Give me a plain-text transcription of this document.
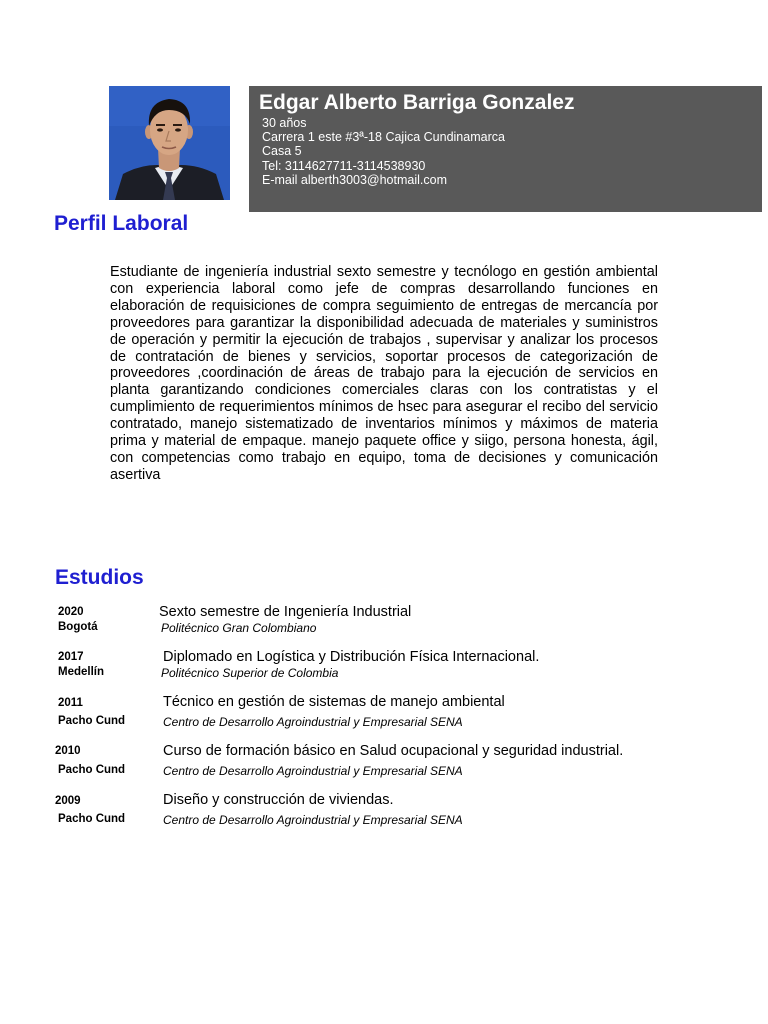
Edgar Alberto Barriga Gonzalez
30 años
Carrera 1 este #3ª-18 Cajica Cundinamarca
Casa 5
Tel: 3114627711-3114538930
E-mail alberth3003@hotmail.com
Perfil Laboral
Estudiante de ingeniería industrial sexto semestre y tecnólogo en gestión ambiental con experiencia laboral como jefe de compras desarrollando funciones en elaboración de requisiciones de compra seguimiento de entregas de mercancía por proveedores para garantizar la disponibilidad adecuada de materiales y suministros de operación y permitir la ejecución de trabajos , supervisar y analizar los procesos de contratación de bienes y servicios, soportar procesos de categorización de proveedores ,coordinación de áreas de trabajo para la ejecución de servicios en planta garantizando condiciones comerciales claras con los contratistas y el cumplimiento de requerimientos mínimos de hsec para asegurar el recibo del servicio contratado, manejo sistematizado de inventarios mínimos y máximos de materia prima y material de empaque. manejo paquete office y siigo, persona honesta, ágil, con competencias como trabajo en equipo, toma de decisiones y comunicación asertiva
Estudios
2020
Bogotá
Sexto semestre de Ingeniería Industrial
Politécnico Gran Colombiano
2017
Medellín
Diplomado en Logística y Distribución Física Internacional.
Politécnico Superior de Colombia
2011
Pacho Cund
Técnico en gestión de sistemas de manejo ambiental
Centro de Desarrollo Agroindustrial y Empresarial SENA
2010
Pacho Cund
Curso de formación básico en Salud ocupacional y seguridad industrial.
Centro de Desarrollo Agroindustrial y Empresarial SENA
2009
Pacho Cund
Diseño y construcción de viviendas.
Centro de Desarrollo Agroindustrial y Empresarial SENA
